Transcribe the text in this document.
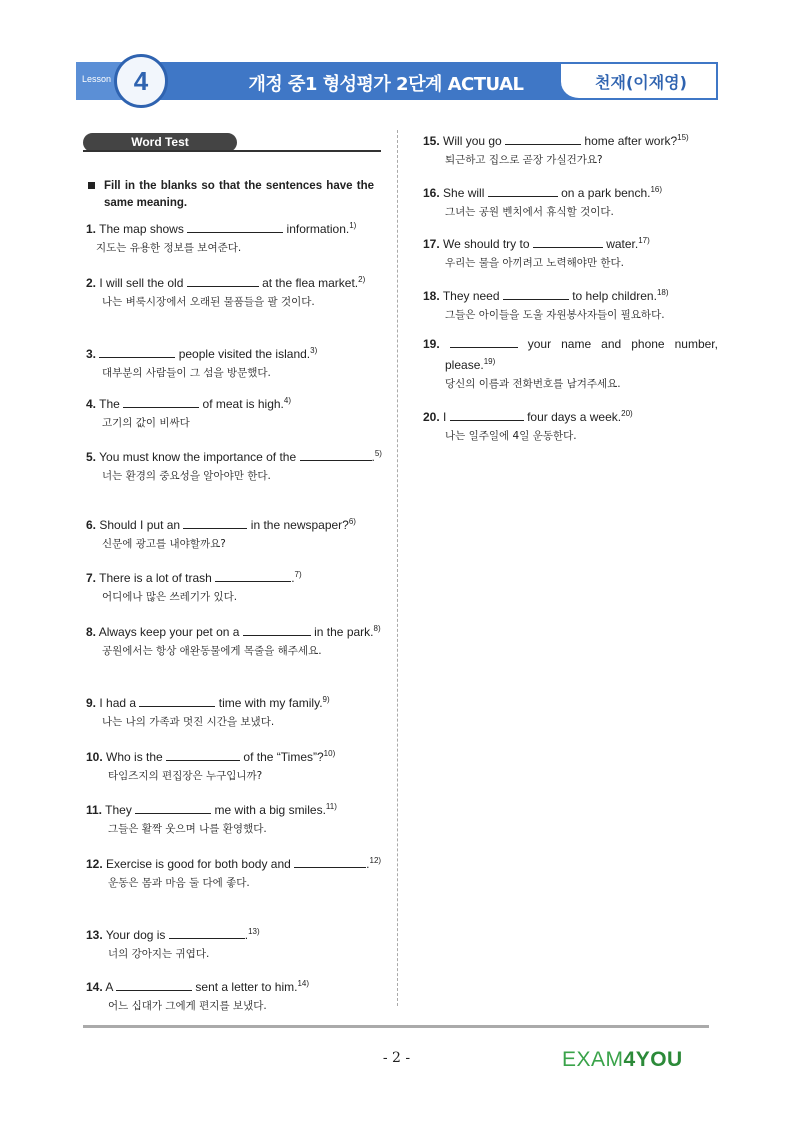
Lesson 4	개정 중1 형성평가 2단계 ACTUAL	천재(이재영)
Word Test
Fill in the blanks so that the sentences have the same meaning.
1. The map shows	information.$^{1)}$
지도는 유용한 정보를 보여준다.
2. I will sell the old	at the flea market.$^{2)}$
나는 벼룩시장에서 오래된 물품들을 팔 것이다.
3.	people visited the island.$^{3)}$
대부분의 사람들이 그 섬을 방문했다.
4. The	of meat is high.$^{4)}$
고기의 값이 비싸다
5. You must know the importance of the	.$^{5)}$
너는 환경의 중요성을 알아야만 한다.
6. Should I put an	in the newspaper?$^{6)}$
신문에 광고를 내야할까요?
7. There is a lot of trash	.$^{7)}$
어디에나 많은 쓰레기가 있다.
8. Always keep your pet on a	in the park.$^{8)}$
공원에서는 항상 애완동물에게 목줄을 해주세요.
9. I had a	time with my family.$^{9)}$
나는 나의 가족과 멋진 시간을 보냈다.
10. Who is the	of the “Times”?$^{10)}$
타임즈지의 편집장은 누구입니까?
11. They	me with a big smiles.$^{11)}$
그들은 활짝 웃으며 나를 환영했다.
12. Exercise is good for both body and	.$^{12)}$
운동은 몸과 마음 둘 다에 좋다.
13. Your dog is	.$^{13)}$
너의 강아지는 귀엽다.
14. A	sent a letter to him.$^{14)}$
어느 십대가 그에게 편지를 보냈다.
15. Will you go	home after work?$^{15)}$
퇴근하고 집으로 곧장 가실건가요?
16. She will	on a park bench.$^{16)}$
그녀는 공원 벤치에서 휴식할 것이다.
17. We should try to	water.$^{17)}$
우리는 물을 아끼려고 노력해야만 한다.
18. They need	to help children.$^{18)}$
그들은 아이들을 도울 자원봉사자들이 필요하다.
19.	your name and phone number, please.$^{19)}$
당신의 이름과 전화번호를 남겨주세요.
20. I	four days a week.$^{20)}$
나는 일주일에 4일 운동한다.
- 2 -	EXAM4YOU
